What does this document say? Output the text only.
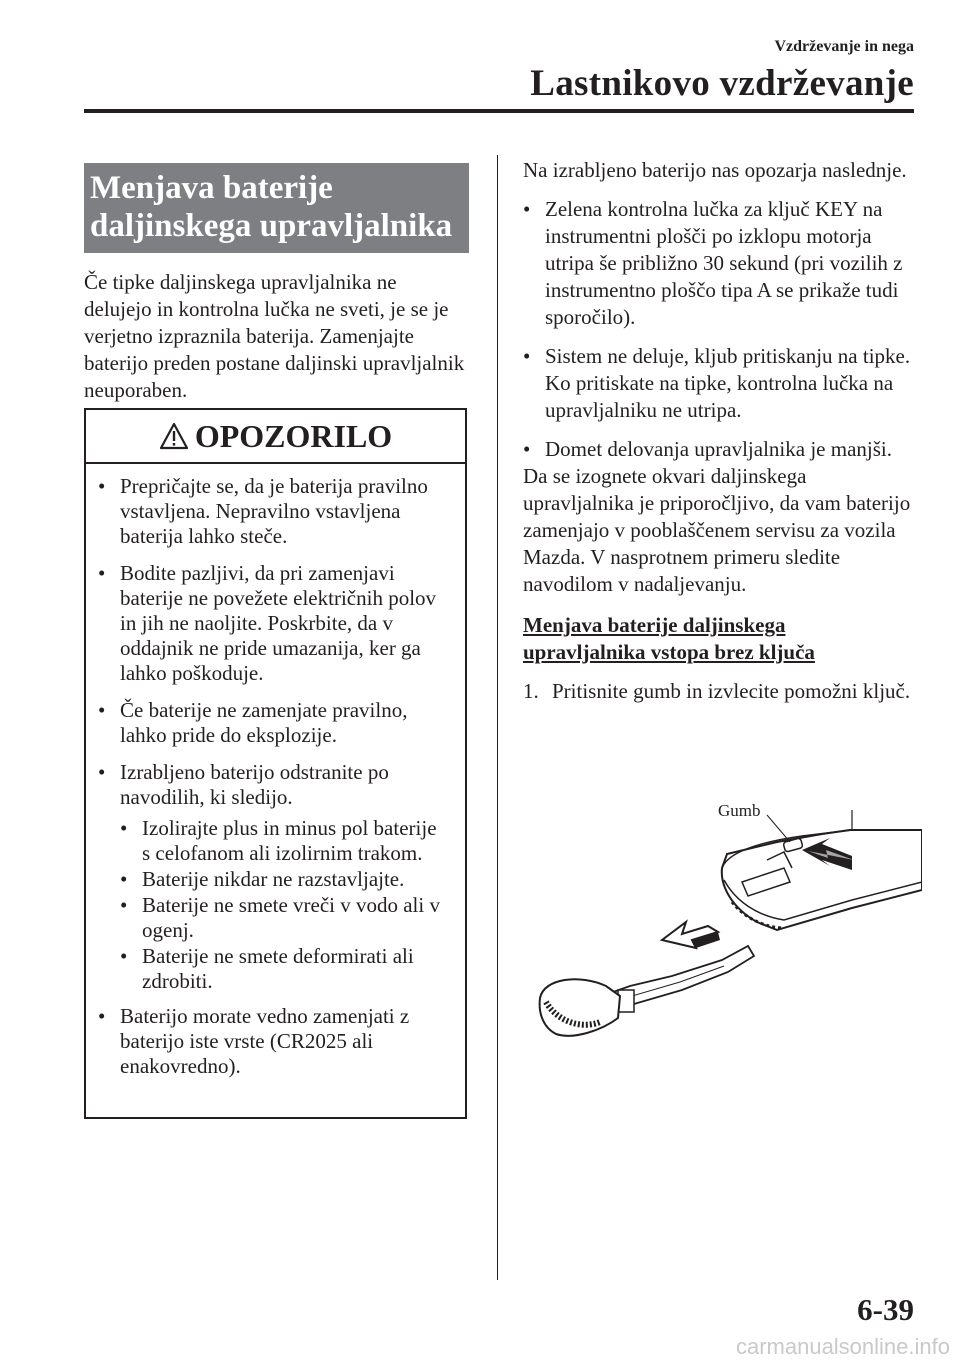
Vzdrževanje in nega
Lastnikovo vzdrževanje
Menjava baterije
daljinskega upravljalnika
Če tipke daljinskega upravljalnika ne delujejo in kontrolna lučka ne sveti, je se je verjetno izpraznila baterija. Zamenjajte baterijo preden postane daljinski upravljalnik neuporaben.
OPOZORILO
• Prepričajte se, da je baterija pravilno vstavljena. Nepravilno vstavljena baterija lahko steče.
• Bodite pazljivi, da pri zamenjavi baterije ne povežete električnih polov in jih ne naoljite. Poskrbite, da v oddajnik ne pride umazanija, ker ga lahko poškoduje.
• Če baterije ne zamenjate pravilno, lahko pride do eksplozije.
• Izrabljeno baterijo odstranite po navodilih, ki sledijo.
• Izolirajte plus in minus pol baterije s celofanom ali izolirnim trakom.
• Baterije nikdar ne razstavljajte.
• Baterije ne smete vreči v vodo ali v ogenj.
• Baterije ne smete deformirati ali zdrobiti.
• Baterijo morate vedno zamenjati z baterijo iste vrste (CR2025 ali enakovredno).

Na izrabljeno baterijo nas opozarja naslednje.

• Zelena kontrolna lučka za ključ KEY na instrumentni plošči po izklopu motorja utripa še približno 30 sekund (pri vozilih z instrumentno ploščo tipa A se prikaže tudi sporočilo).
• Sistem ne deluje, kljub pritiskanju na tipke. Ko pritiskate na tipke, kontrolna lučka na upravljalniku ne utripa.
• Domet delovanja upravljalnika je manjši.

Da se izognete okvari daljinskega upravljalnika je priporočljivo, da vam baterijo zamenjajo v pooblaščenem servisu za vozila Mazda. V nasprotnem primeru sledite navodilom v nadaljevanju.

Menjava baterije daljinskega
upravljalnika vstopa brez ključa
1. Pritisnite gumb in izvlecite pomožni ključ.
Gumb
6-39
carmanualsonline.info
